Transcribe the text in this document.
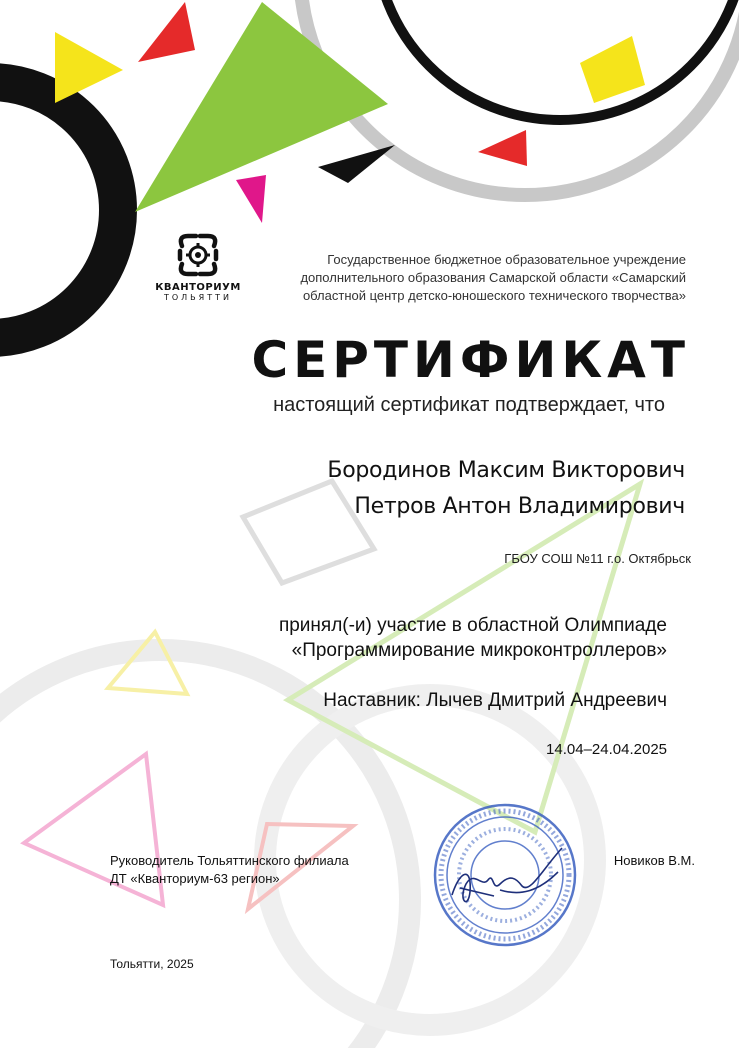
КВАНТОРИУМ
ТОЛЬЯТТИ
Государственное бюджетное образовательное учреждение
дополнительного образования Самарской области «Самарский
областной центр детско-юношеского технического творчества»
СЕРТИФИКАТ
настоящий сертификат подтверждает, что
Бородинов Максим Викторович
Петров Антон Владимирович
ГБОУ СОШ №11 г.о. Октябрьск
принял(-и) участие в областной Олимпиаде
«Программирование микроконтроллеров»
Наставник: Лычев Дмитрий Андреевич
14.04–24.04.2025
Руководитель Тольяттинского филиала
ДТ «Кванториум-63 регион»
Новиков В.М.
Тольятти, 2025
